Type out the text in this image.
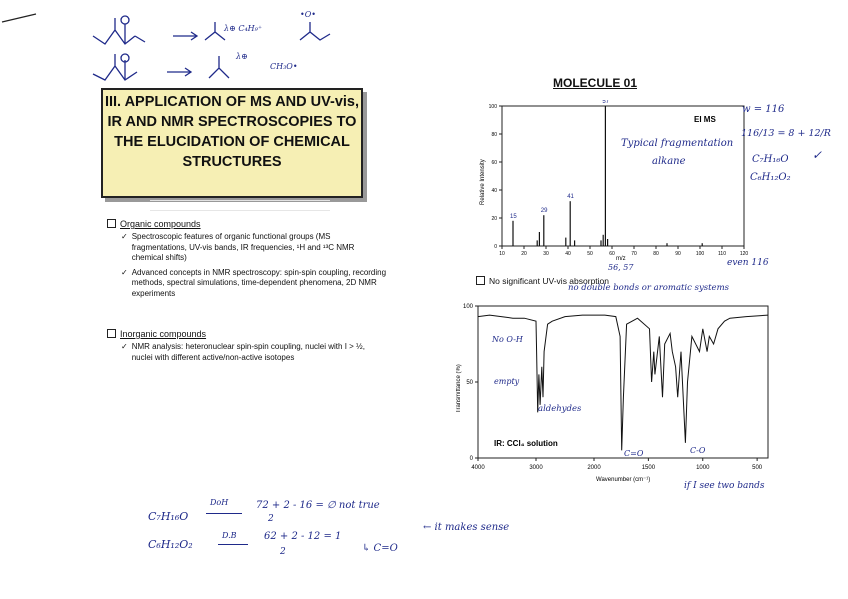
λ⊕ C₄H₉⁺
•O•
λ⊕
CH₃O•
III. APPLICATION OF MS AND UV-vis, IR AND NMR SPECTROSCOPIES TO THE ELUCIDATION OF CHEMICAL STRUCTURES
Organic compounds
✓ Spectroscopic features of organic functional groups (MS fragmentations, UV-vis bands, IR frequencies, ¹H and ¹³C NMR chemical shifts)
✓ Advanced concepts in NMR spectroscopy: spin-spin coupling, recording methods, spectral simulations, time-dependent phenomena, 2D NMR experiments
Inorganic compounds
✓ NMR analysis: heteronuclear spin-spin coupling, nuclei with I > ½, nuclei with different active/non-active isotopes
MOLECULE 01
15
29
41
57
100
80
60
40
20
0
10	20	30	40	50	60	70	80	90	100	110	120
EI MS
Relative Intensity
m/z
No significant UV-vis absorption
100
50
0
4000	3000	2000	1500	1000	500
IR: CCl₄ solution
Transmittance (%)
Wavenumber (cm⁻¹)
Typical fragmentation
alkane
w = 116
116/13 = 8 + 12/R
C₇H₁₆O
C₆H₁₂O₂
✓
even 116
56, 57
no double bonds or aromatic systems
No O-H
empty
aldehydes
C=O	C-O
if I see two bands
C₇H₁₆O
DoH	72 + 2 - 16 = ∅ not true
2
C₆H₁₂O₂
D.B	62 + 2 - 12 = 1
2	↳ C=O
← it makes sense
